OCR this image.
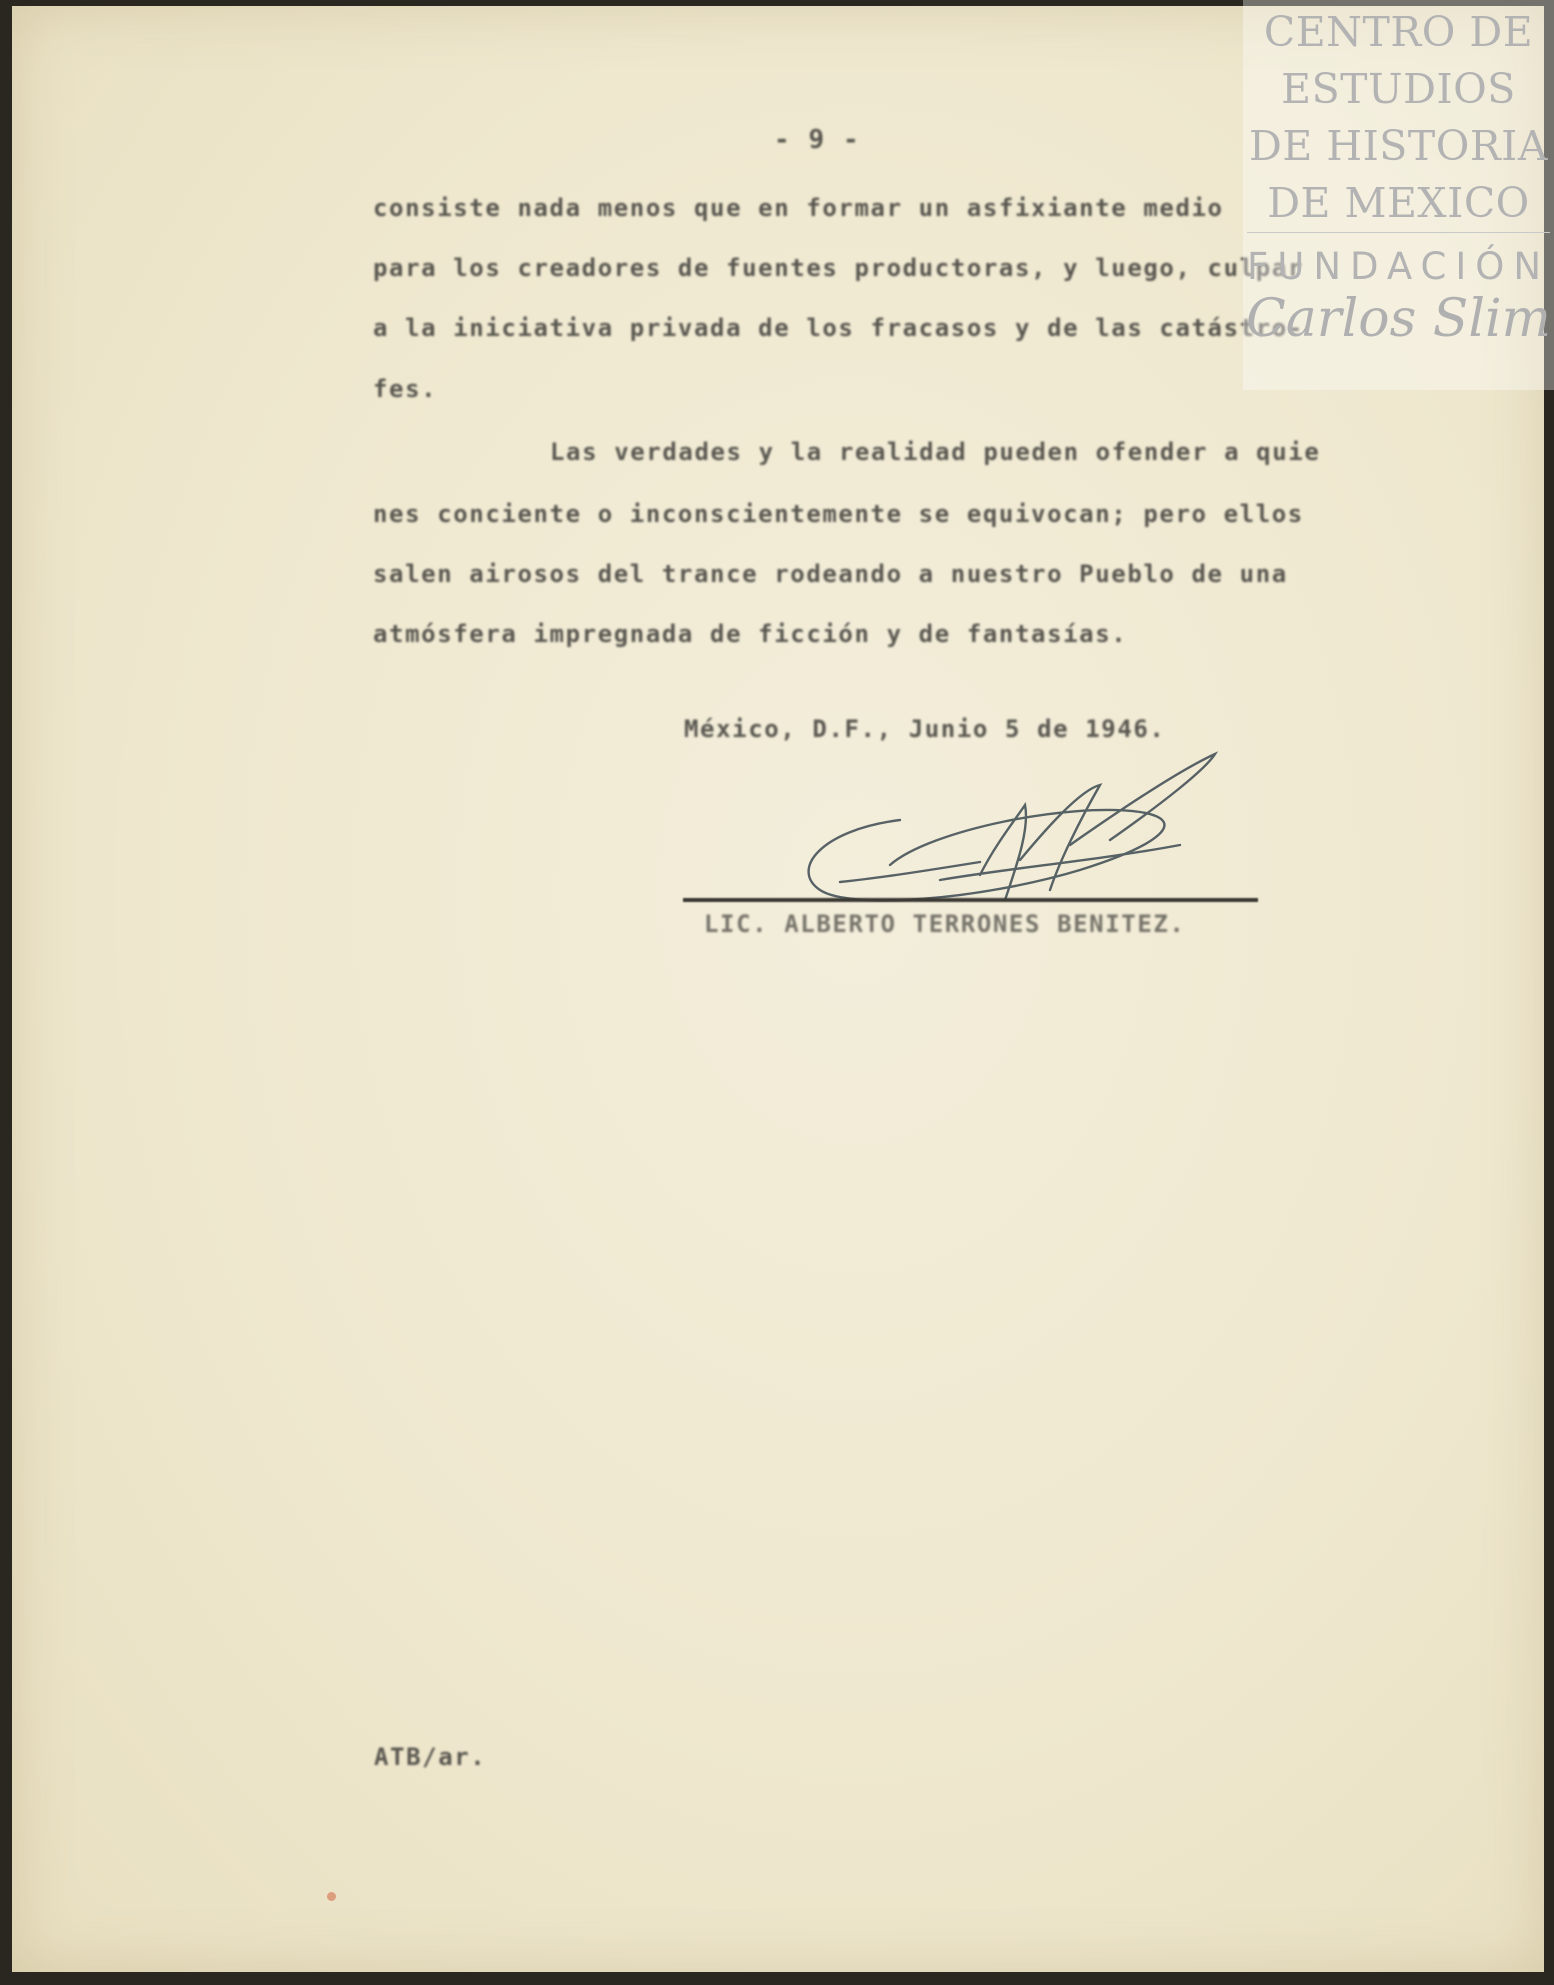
- 9 -
consiste nada menos que en formar un asfixiante medio
para los creadores de fuentes productoras, y luego, culpar
a la iniciativa privada de los fracasos y de las catástro-
fes.
Las verdades y la realidad pueden ofender a quie
nes conciente o inconscientemente se equivocan; pero ellos
salen airosos del trance rodeando a nuestro Pueblo de una
atmósfera impregnada de ficción y de fantasías.
México, D.F., Junio 5 de 1946.
LIC. ALBERTO TERRONES BENITEZ.
ATB/ar.
CENTRO DE
ESTUDIOS
DE HISTORIA
DE MEXICO
FUNDACIÓN
Carlos Slim
